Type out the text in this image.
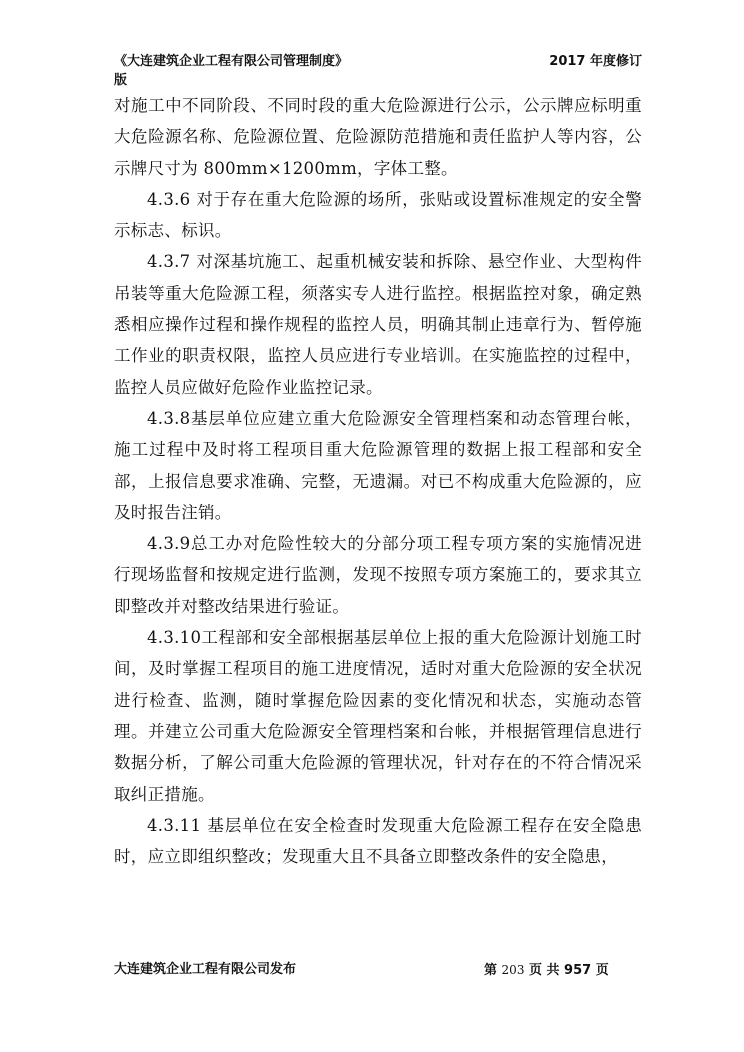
《大连建筑企业工程有限公司管理制度》	2017 年度修订
版

对施工中不同阶段、不同时段的重大危险源进行公示，公示牌应标明重大危险源名称、危险源位置、危险源防范措施和责任监护人等内容，公示牌尺寸为 800mm×1200mm，字体工整。

4.3.6 对于存在重大危险源的场所，张贴或设置标准规定的安全警示标志、标识。

4.3.7 对深基坑施工、起重机械安装和拆除、悬空作业、大型构件吊装等重大危险源工程，须落实专人进行监控。根据监控对象，确定熟悉相应操作过程和操作规程的监控人员，明确其制止违章行为、暂停施工作业的职责权限，监控人员应进行专业培训。在实施监控的过程中，监控人员应做好危险作业监控记录。

4.3.8基层单位应建立重大危险源安全管理档案和动态管理台帐，施工过程中及时将工程项目重大危险源管理的数据上报工程部和安全部，上报信息要求准确、完整，无遗漏。对已不构成重大危险源的，应及时报告注销。

4.3.9总工办对危险性较大的分部分项工程专项方案的实施情况进行现场监督和按规定进行监测，发现不按照专项方案施工的，要求其立即整改并对整改结果进行验证。

4.3.10工程部和安全部根据基层单位上报的重大危险源计划施工时间，及时掌握工程项目的施工进度情况，适时对重大危险源的安全状况进行检查、监测，随时掌握危险因素的变化情况和状态，实施动态管理。并建立公司重大危险源安全管理档案和台帐，并根据管理信息进行数据分析，了解公司重大危险源的管理状况，针对存在的不符合情况采取纠正措施。

4.3.11 基层单位在安全检查时发现重大危险源工程存在安全隐患时，应立即组织整改；发现重大且不具备立即整改条件的安全隐患，

大连建筑企业工程有限公司发布	第 203 页 共 957 页
